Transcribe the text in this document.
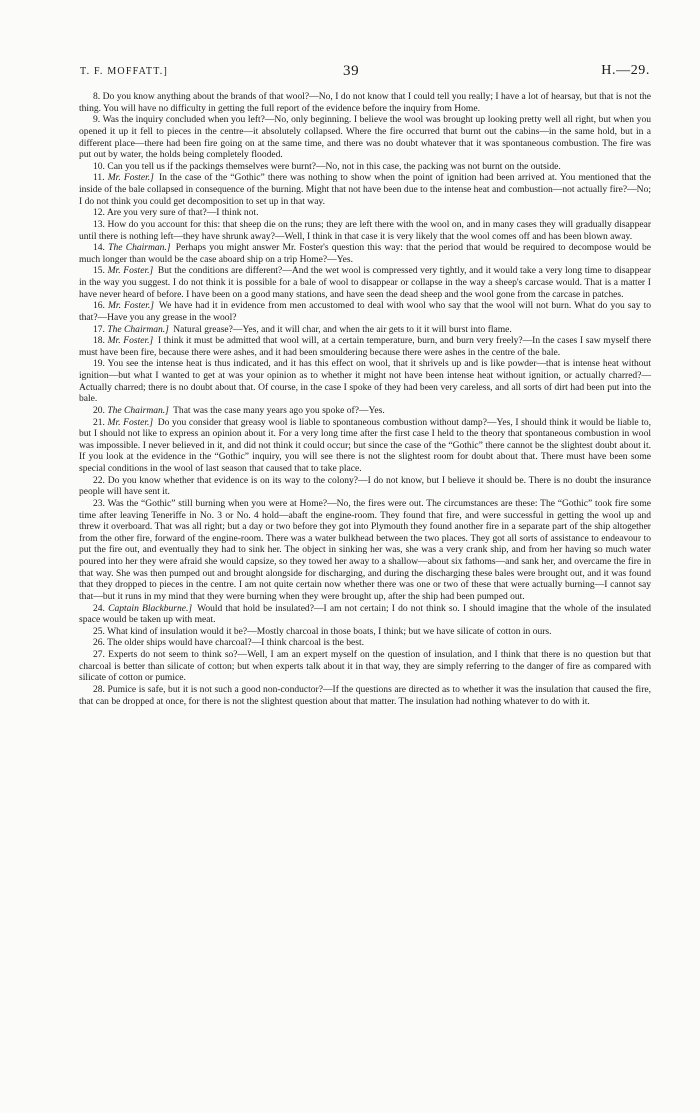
T. F. MOFFATT.]	39	H.—29.

8. Do you know anything about the brands of that wool?—No, I do not know that I could tell you really; I have a lot of hearsay, but that is not the thing. You will have no difficulty in getting the full report of the evidence before the inquiry from Home.

9. Was the inquiry concluded when you left?—No, only beginning. I believe the wool was brought up looking pretty well all right, but when you opened it up it fell to pieces in the centre—it absolutely collapsed. Where the fire occurred that burnt out the cabins—in the same hold, but in a different place—there had been fire going on at the same time, and there was no doubt whatever that it was spontaneous combustion. The fire was put out by water, the holds being completely flooded.

10. Can you tell us if the packings themselves were burnt?—No, not in this case, the packing was not burnt on the outside.

11. Mr. Foster.] In the case of the “Gothic” there was nothing to show when the point of ignition had been arrived at. You mentioned that the inside of the bale collapsed in consequence of the burning. Might that not have been due to the intense heat and combustion—not actually fire?—No; I do not think you could get decomposition to set up in that way.

12. Are you very sure of that?—I think not.

13. How do you account for this: that sheep die on the runs; they are left there with the wool on, and in many cases they will gradually disappear until there is nothing left—they have shrunk away?—Well, I think in that case it is very likely that the wool comes off and has been blown away.

14. The Chairman.] Perhaps you might answer Mr. Foster's question this way: that the period that would be required to decompose would be much longer than would be the case aboard ship on a trip Home?—Yes.

15. Mr. Foster.] But the conditions are different?—And the wet wool is compressed very tightly, and it would take a very long time to disappear in the way you suggest. I do not think it is possible for a bale of wool to disappear or collapse in the way a sheep's carcase would. That is a matter I have never heard of before. I have been on a good many stations, and have seen the dead sheep and the wool gone from the carcase in patches.

16. Mr. Foster.] We have had it in evidence from men accustomed to deal with wool who say that the wool will not burn. What do you say to that?—Have you any grease in the wool?

17. The Chairman.] Natural grease?—Yes, and it will char, and when the air gets to it it will burst into flame.

18. Mr. Foster.] I think it must be admitted that wool will, at a certain temperature, burn, and burn very freely?—In the cases I saw myself there must have been fire, because there were ashes, and it had been smouldering because there were ashes in the centre of the bale.

19. You see the intense heat is thus indicated, and it has this effect on wool, that it shrivels up and is like powder—that is intense heat without ignition—but what I wanted to get at was your opinion as to whether it might not have been intense heat without ignition, or actually charred?—Actually charred; there is no doubt about that. Of course, in the case I spoke of they had been very careless, and all sorts of dirt had been put into the bale.

20. The Chairman.] That was the case many years ago you spoke of?—Yes.

21. Mr. Foster.] Do you consider that greasy wool is liable to spontaneous combustion without damp?—Yes, I should think it would be liable to, but I should not like to express an opinion about it. For a very long time after the first case I held to the theory that spontaneous combustion in wool was impossible. I never believed in it, and did not think it could occur; but since the case of the “Gothic” there cannot be the slightest doubt about it. If you look at the evidence in the “Gothic” inquiry, you will see there is not the slightest room for doubt about that. There must have been some special conditions in the wool of last season that caused that to take place.

22. Do you know whether that evidence is on its way to the colony?—I do not know, but I believe it should be. There is no doubt the insurance people will have sent it.

23. Was the “Gothic” still burning when you were at Home?—No, the fires were out. The circumstances are these: The “Gothic” took fire some time after leaving Teneriffe in No. 3 or No. 4 hold—abaft the engine-room. They found that fire, and were successful in getting the wool up and threw it overboard. That was all right; but a day or two before they got into Plymouth they found another fire in a separate part of the ship altogether from the other fire, forward of the engine-room. There was a water bulkhead between the two places. They got all sorts of assistance to endeavour to put the fire out, and eventually they had to sink her. The object in sinking her was, she was a very crank ship, and from her having so much water poured into her they were afraid she would capsize, so they towed her away to a shallow—about six fathoms—and sank her, and overcame the fire in that way. She was then pumped out and brought alongside for discharging, and during the discharging these bales were brought out, and it was found that they dropped to pieces in the centre. I am not quite certain now whether there was one or two of these that were actually burning—I cannot say that—but it runs in my mind that they were burning when they were brought up, after the ship had been pumped out.

24. Captain Blackburne.] Would that hold be insulated?—I am not certain; I do not think so. I should imagine that the whole of the insulated space would be taken up with meat.

25. What kind of insulation would it be?—Mostly charcoal in those boats, I think; but we have silicate of cotton in ours.

26. The older ships would have charcoal?—I think charcoal is the best.

27. Experts do not seem to think so?—Well, I am an expert myself on the question of insulation, and I think that there is no question but that charcoal is better than silicate of cotton; but when experts talk about it in that way, they are simply referring to the danger of fire as compared with silicate of cotton or pumice.

28. Pumice is safe, but it is not such a good non-conductor?—If the questions are directed as to whether it was the insulation that caused the fire, that can be dropped at once, for there is not the slightest question about that matter. The insulation had nothing whatever to do with it.
